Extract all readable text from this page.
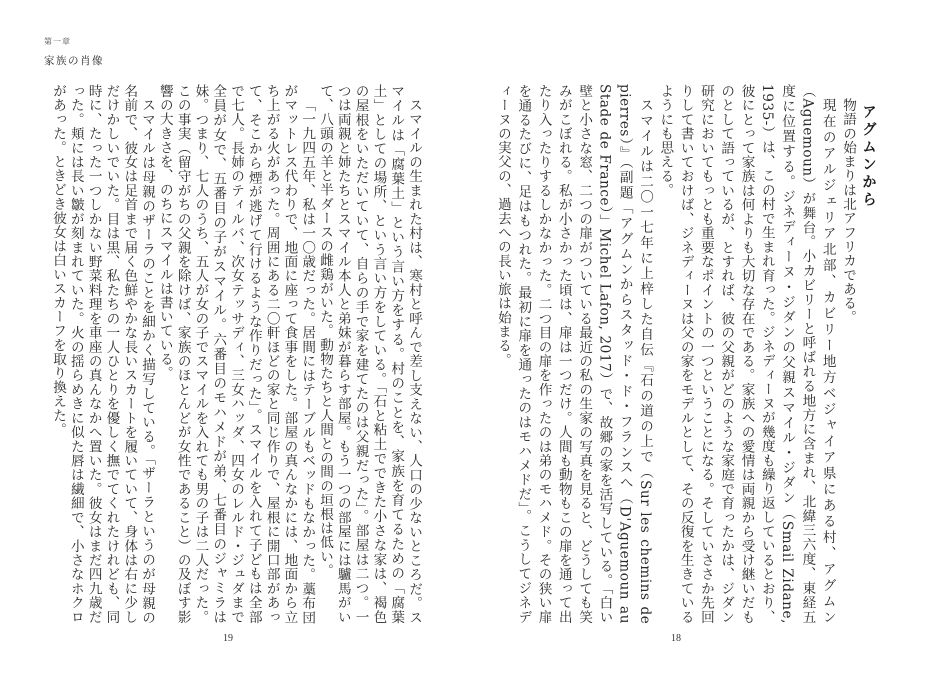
第一章
家族の肖像
アグムンから

物語の始まりは北アフリカである。

現在のアルジェリア北部、カビリー地方ベジャイア県にある村、アグムン（Aguemoun）が舞台。小カビリーと呼ばれる地方に含まれ、北緯三六度、東経五度に位置する。ジネディーヌ・ジダンの父親スマイル・ジダン（Smail Zidane, 1935-）は、この村で生まれ育った。ジネディーヌが幾度も繰り返しているとおり、彼にとって家族は何よりも大切な存在である。家族への愛情は両親から受け継いだものとして語っているが、とすれば、彼の父親がどのような家庭で育ったかは、ジダン研究においてもっとも重要なポイントの一つということになる。そしていささか先回りして書いておけば、ジネディーヌは父の家をモデルとして、その反復を生きているようにも思える。

スマイルは二〇一七年に上梓した自伝『石の道の上で（Sur les chemins de pierres）』（副題「アグムンからスタッド・ド・フランスへ（D'Aguemoun au Stade de France）」Michel Lafon, 2017）で、故郷の家を活写している。「白い壁と小さな窓、二つの扉がついている最近の私の生家の写真を見ると、どうしても笑みがこぼれる。私が小さかった頃は、扉は一つだけ。人間も動物もこの扉を通って出たり入ったりするしかなかった。二つ目の扉を作ったのは弟のモハメド。その狭い扉を通るたびに、足はもつれた。最初に扉を通ったのはモハメドだ」。こうしてジネディーヌの実父の、過去への長い旅は始まる。

スマイルの生まれた村は、寒村と呼んで差し支えない、人口の少ないところだ。スマイルは「腐葉土」という言い方をする。村のことを、家族を育てるための「腐葉土」としての場所、という言い方をしている。「石と粘土でできた小さな家は、褐色の屋根をいただいていて、自らの手で家を建てたのは父親だった」。部屋は二つ。一つは両親と姉たちとスマイル本人と弟妹が暮らす部屋。もう一つの部屋には驢馬がいて、八頭の羊と半ダースの雌鶏がいた。動物たちと人間との間の垣根は低い。

「一九四五年、私は一〇歳だった。居間にはテーブルもベッドもなかった。藁布団がマットレス代わりで、地面に座って食事をした。部屋の真んなかには、地面から立ち上がる火があった。周囲にある二〇軒ほどの家と同じ作りで、屋根に開口部があって、そこから煙が逃げて行けるような作りだった」。スマイルを入れて子どもは全部で七人。長姉のティルバ、次女テッサディ、三女ハッダ、四女のレルド・ジュダまで全員が女で、五番目の子がスマイル。六番目のモハメドが弟、七番目のジャミラは妹。つまり、七人のうち、五人が女の子でスマイルを入れても男の子は二人だった。この事実（留守がちの父親を除けば、家族のほとんどが女性であること）の及ぼす影響の大きさを、のちにスマイルは書いている。

スマイルは母親のザーラのことを細かく描写している。「ザーラというのが母親の名前で、彼女は足首まで届く色鮮やかな長いスカートを履いていて、身体は右に少しだけかしいでいた。目は黒、私たちの一人ひとりを優しく撫でてくれたけれども、同時に、たった一つしかない野菜料理を車座の真んなかへ置いた。彼女はまだ四九歳だった。頬には長い皺が刻まれていた。火の揺らめきに似た唇は繊細で、小さなホクロがあった。ときどき彼女は白いスカーフを取り換えた。

19	18
